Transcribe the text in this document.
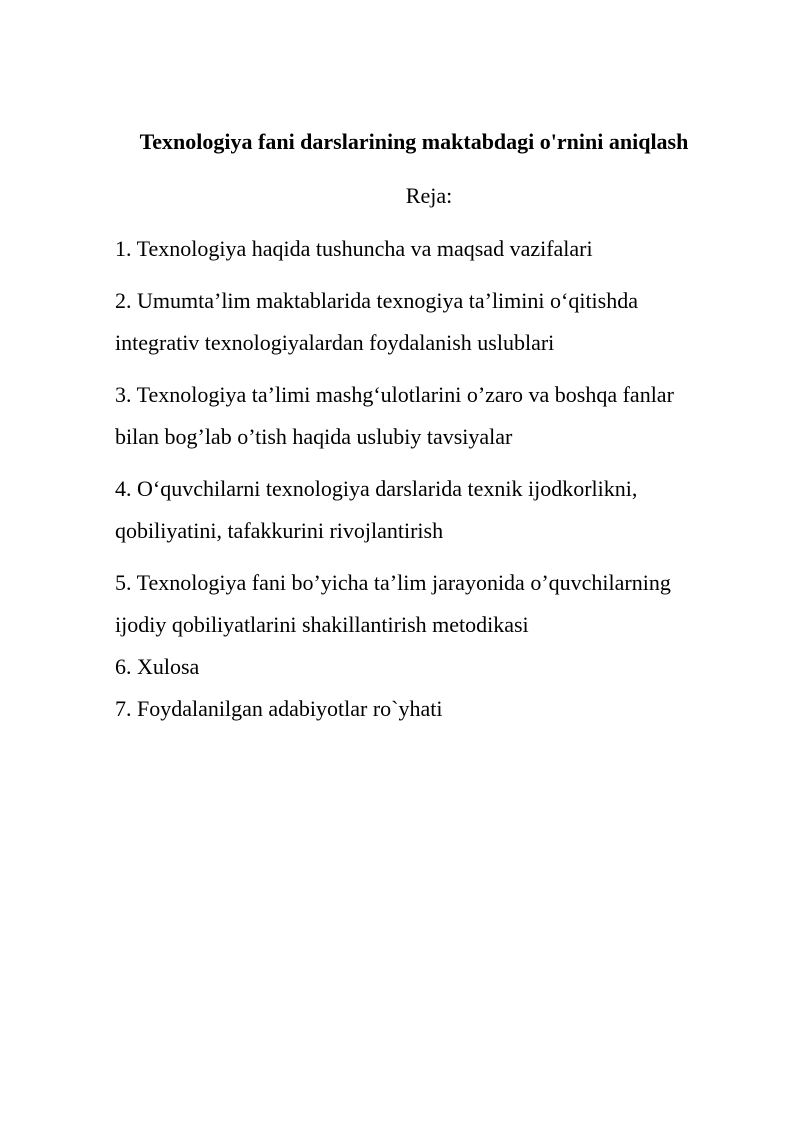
Texnologiya fani darslarining maktabdagi o'rnini aniqlash
Reja:
1. Texnologiya haqida tushuncha va maqsad vazifalari
2. Umumta’lim maktablarida texnogiya ta’limini o‘qitishda
integrativ texnologiyalardan foydalanish uslublari
3. Texnologiya ta’limi mashg‘ulotlarini o’zaro va boshqa fanlar
bilan bog’lab o’tish haqida uslubiy tavsiyalar
4. O‘quvchilarni texnologiya darslarida texnik ijodkorlikni,
qobiliyatini, tafakkurini rivojlantirish
5. Texnologiya fani bo’yicha ta’lim jarayonida o’quvchilarning
ijodiy qobiliyatlarini shakillantirish metodikasi
6. Xulosa
7. Foydalanilgan adabiyotlar ro`yhati
